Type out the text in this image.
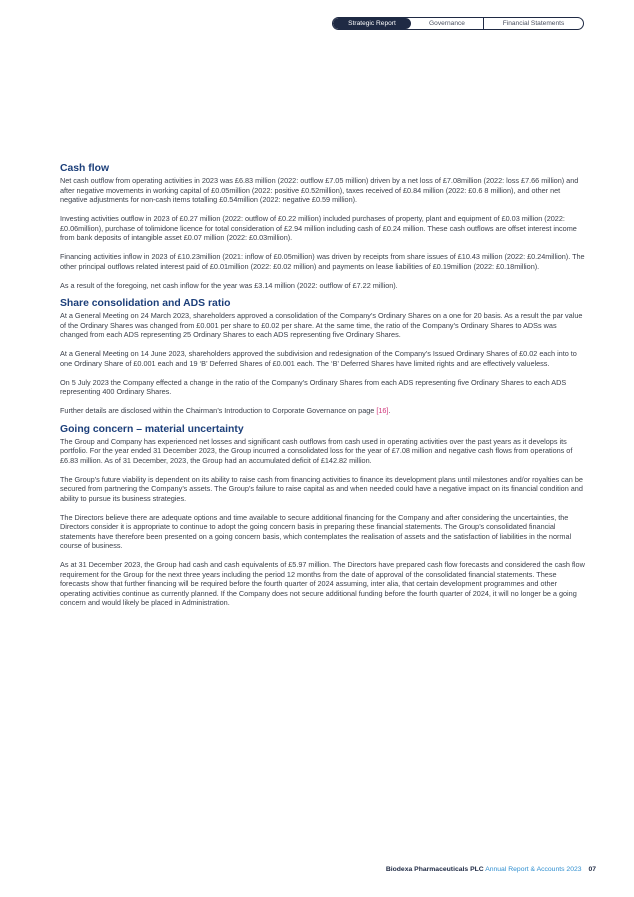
Strategic Report	Governance	Financial Statements
Cash flow

Net cash outflow from operating activities in 2023 was £6.83 million (2022: outflow £7.05 million) driven by a net loss of £7.08million (2022: loss £7.66 million) and after negative movements in working capital of £0.05million (2022: positive £0.52million), taxes received of £0.84 million (2022: £0.6 8 million), and other net negative adjustments for non-cash items totalling £0.54million (2022: negative £0.59 million).

Investing activities outflow in 2023 of £0.27 million (2022: outflow of £0.22 million) included purchases of property, plant and equipment of £0.03 million (2022: £0.06million), purchase of tolimidone licence for total consideration of £2.94 million including cash of £0.24 million. These cash outflows are offset interest income from bank deposits of intangible asset £0.07 million (2022: £0.03million).

Financing activities inflow in 2023 of £10.23million (2021: inflow of £0.05million) was driven by receipts from share issues of £10.43 million (2022: £0.24million). The other principal outflows related interest paid of £0.01million (2022: £0.02 million) and payments on lease liabilities of £0.19million (2022: £0.18million).

As a result of the foregoing, net cash inflow for the year was £3.14 million (2022: outflow of £7.22 million).

Share consolidation and ADS ratio

At a General Meeting on 24 March 2023, shareholders approved a consolidation of the Company’s Ordinary Shares on a one for 20 basis. As a result the par value of the Ordinary Shares was changed from £0.001 per share to £0.02 per share. At the same time, the ratio of the Company’s Ordinary Shares to ADSs was changed from each ADS representing 25 Ordinary Shares to each ADS representing five Ordinary Shares.

At a General Meeting on 14 June 2023, shareholders approved the subdivision and redesignation of the Company’s Issued Ordinary Shares of £0.02 each into to one Ordinary Share of £0.001 each and 19 ‘B’ Deferred Shares of £0.001 each. The ‘B’ Deferred Shares have limited rights and are effectively valueless.

On 5 July 2023 the Company effected a change in the ratio of the Company’s Ordinary Shares from each ADS representing five Ordinary Shares to each ADS representing 400 Ordinary Shares.

Further details are disclosed within the Chairman’s Introduction to Corporate Governance on page [16].

Going concern – material uncertainty

The Group and Company has experienced net losses and significant cash outflows from cash used in operating activities over the past years as it develops its portfolio. For the year ended 31 December 2023, the Group incurred a consolidated loss for the year of £7.08 million and negative cash flows from operations of £6.83 million. As of 31 December, 2023, the Group had an accumulated deficit of £142.82 million.

The Group’s future viability is dependent on its ability to raise cash from financing activities to finance its development plans until milestones and/or royalties can be secured from partnering the Company’s assets. The Group’s failure to raise capital as and when needed could have a negative impact on its financial condition and ability to pursue its business strategies.

The Directors believe there are adequate options and time available to secure additional financing for the Company and after considering the uncertainties, the Directors consider it is appropriate to continue to adopt the going concern basis in preparing these financial statements. The Group’s consolidated financial statements have therefore been presented on a going concern basis, which contemplates the realisation of assets and the satisfaction of liabilities in the normal course of business.

As at 31 December 2023, the Group had cash and cash equivalents of £5.97 million. The Directors have prepared cash flow forecasts and considered the cash flow requirement for the Group for the next three years including the period 12 months from the date of approval of the consolidated financial statements. These forecasts show that further financing will be required before the fourth quarter of 2024 assuming, inter alia, that certain development programmes and other operating activities continue as currently planned. If the Company does not secure additional funding before the fourth quarter of 2024, it will no longer be a going concern and would likely be placed in Administration.

Biodexa Pharmaceuticals PLC Annual Report & Accounts 2023 07
